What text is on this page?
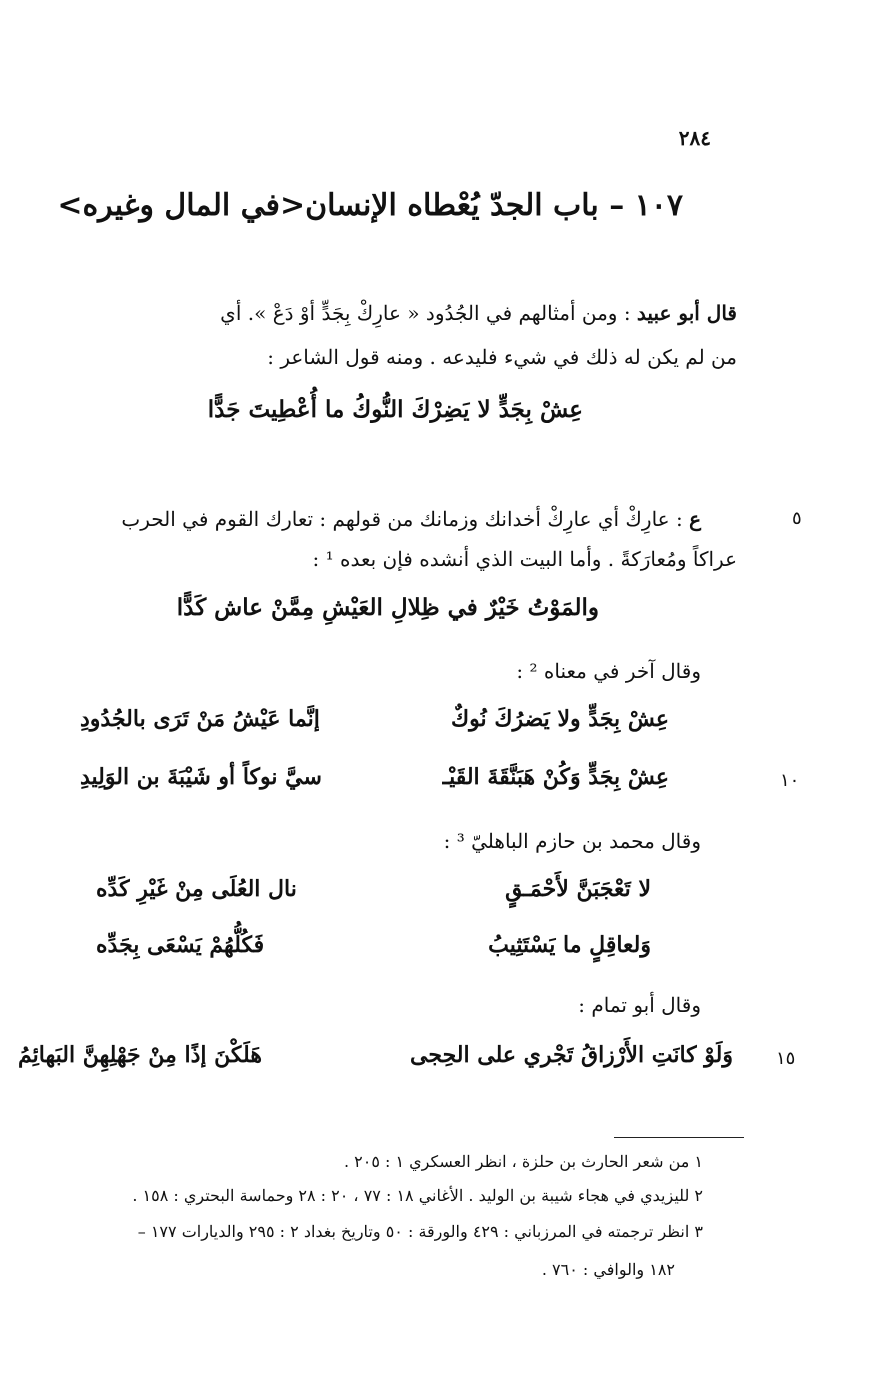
٢٨٤
١٠٧ – باب الجدّ يُعْطاه الإنسان<في المال وغيره>
قال أبو عبيد : ومن أمثالهم في الجُدُود « عارِكْ بِجَدٍّ أوْ دَعْ ». أي
من لم يكن له ذلك في شيء فليدعه . ومنه قول الشاعر :
عِشْ بِجَدٍّ لا يَضِرْكَ النُّوكُ ما أُعْطِيتَ جَدًّا
ع : عارِكْ أي عارِكْ أخدانك وزمانك من قولهم : تعارك القوم في الحرب	٥
عراكاً ومُعارَكةً . وأما البيت الذي أنشده فإن بعده ¹ :
والمَوْتُ خَيْرٌ في ظِلالِ العَيْشِ مِمَّنْ عاش كَدًّا
وقال آخر في معناه ² :
عِشْ بِجَدٍّ ولا يَضرُكَ نُوكٌ
إنَّما عَيْشُ مَنْ تَرَى بالجُدُودِ
عِشْ بِجَدٍّ وَكُنْ هَبَنَّقَةَ القَيْـ
سيَّ نوكاً أو شَيْبَةَ بن الوَلِيدِ	١٠
وقال محمد بن حازم الباهليّ ³ :
لا تَعْجَبَنَّ لأَحْمَـقٍ
نال العُلَى مِنْ غَيْرِ كَدِّه
وَلعاقِلٍ ما يَسْتَثِيبُ
فَكُلُّهُمْ يَسْعَى بِجَدِّه
وقال أبو تمام :
وَلَوْ كانَتِ الأَرْزاقُ تَجْري على الحِجى
هَلَكْنَ إذًا مِنْ جَهْلِهِنَّ البَهائِمُ	١٥
١ من شعر الحارث بن حلزة ، انظر العسكري ١ : ٢٠٥ .
٢ لليزيدي في هجاء شيبة بن الوليد . الأغاني ١٨ : ٧٧ ، ٢٠ : ٢٨ وحماسة البحتري : ١٥٨ .
٣ انظر ترجمته في المرزباني : ٤٢٩ والورقة : ٥٠ وتاريخ بغداد ٢ : ٢٩٥ والديارات ١٧٧ –
١٨٢ والوافي : ٧٦٠ .
